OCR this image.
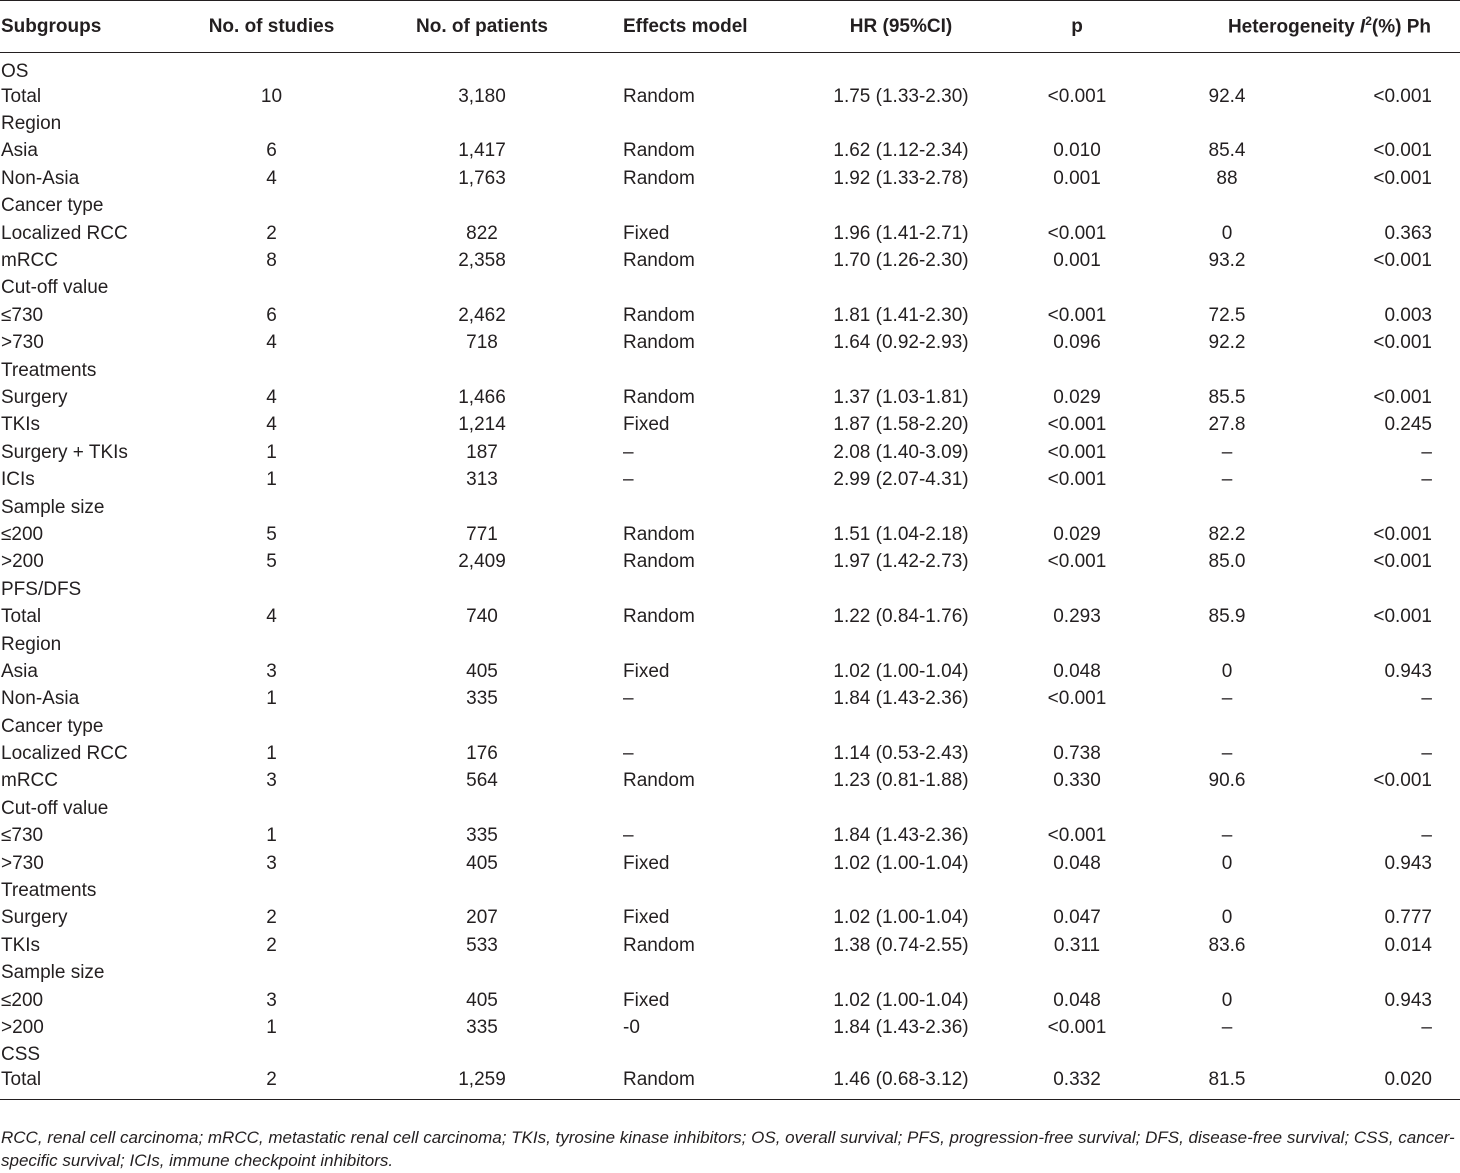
Subgroups	No. of studies	No. of patients	Effects model	HR (95%CI)	p	Heterogeneity $I^2(\%)$ Ph	
OS							
Total	10	3,180	Random	1.75 (1.33-2.30)	<0.001	92.4	<0.001
Region							
Asia	6	1,417	Random	1.62 (1.12-2.34)	0.010	85.4	<0.001
Non-Asia	4	1,763	Random	1.92 (1.33-2.78)	0.001	88	<0.001
Cancer type							
Localized RCC	2	822	Fixed	1.96 (1.41-2.71)	<0.001	0	0.363
mRCC	8	2,358	Random	1.70 (1.26-2.30)	0.001	93.2	<0.001
Cut-off value							
≤730	6	2,462	Random	1.81 (1.41-2.30)	<0.001	72.5	0.003
>730	4	718	Random	1.64 (0.92-2.93)	0.096	92.2	<0.001
Treatments							
Surgery	4	1,466	Random	1.37 (1.03-1.81)	0.029	85.5	<0.001
TKIs	4	1,214	Fixed	1.87 (1.58-2.20)	<0.001	27.8	0.245
Surgery + TKIs	1	187	–	2.08 (1.40-3.09)	<0.001	–	–
ICIs	1	313	–	2.99 (2.07-4.31)	<0.001	–	–
Sample size							
≤200	5	771	Random	1.51 (1.04-2.18)	0.029	82.2	<0.001
>200	5	2,409	Random	1.97 (1.42-2.73)	<0.001	85.0	<0.001
PFS/DFS							
Total	4	740	Random	1.22 (0.84-1.76)	0.293	85.9	<0.001
Region							
Asia	3	405	Fixed	1.02 (1.00-1.04)	0.048	0	0.943
Non-Asia	1	335	–	1.84 (1.43-2.36)	<0.001	–	–
Cancer type							
Localized RCC	1	176	–	1.14 (0.53-2.43)	0.738	–	–
mRCC	3	564	Random	1.23 (0.81-1.88)	0.330	90.6	<0.001
Cut-off value							
≤730	1	335	–	1.84 (1.43-2.36)	<0.001	–	–
>730	3	405	Fixed	1.02 (1.00-1.04)	0.048	0	0.943
Treatments							
Surgery	2	207	Fixed	1.02 (1.00-1.04)	0.047	0	0.777
TKIs	2	533	Random	1.38 (0.74-2.55)	0.311	83.6	0.014
Sample size							
≤200	3	405	Fixed	1.02 (1.00-1.04)	0.048	0	0.943
>200	1	335	-0	1.84 (1.43-2.36)	<0.001	–	–
CSS							
Total	2	1,259	Random	1.46 (0.68-3.12)	0.332	81.5	0.020
RCC, renal cell carcinoma; mRCC, metastatic renal cell carcinoma; TKIs, tyrosine kinase inhibitors; OS, overall survival; PFS, progression-free survival; DFS, disease-free survival; CSS, cancer-specific survival; ICIs, immune checkpoint inhibitors.
